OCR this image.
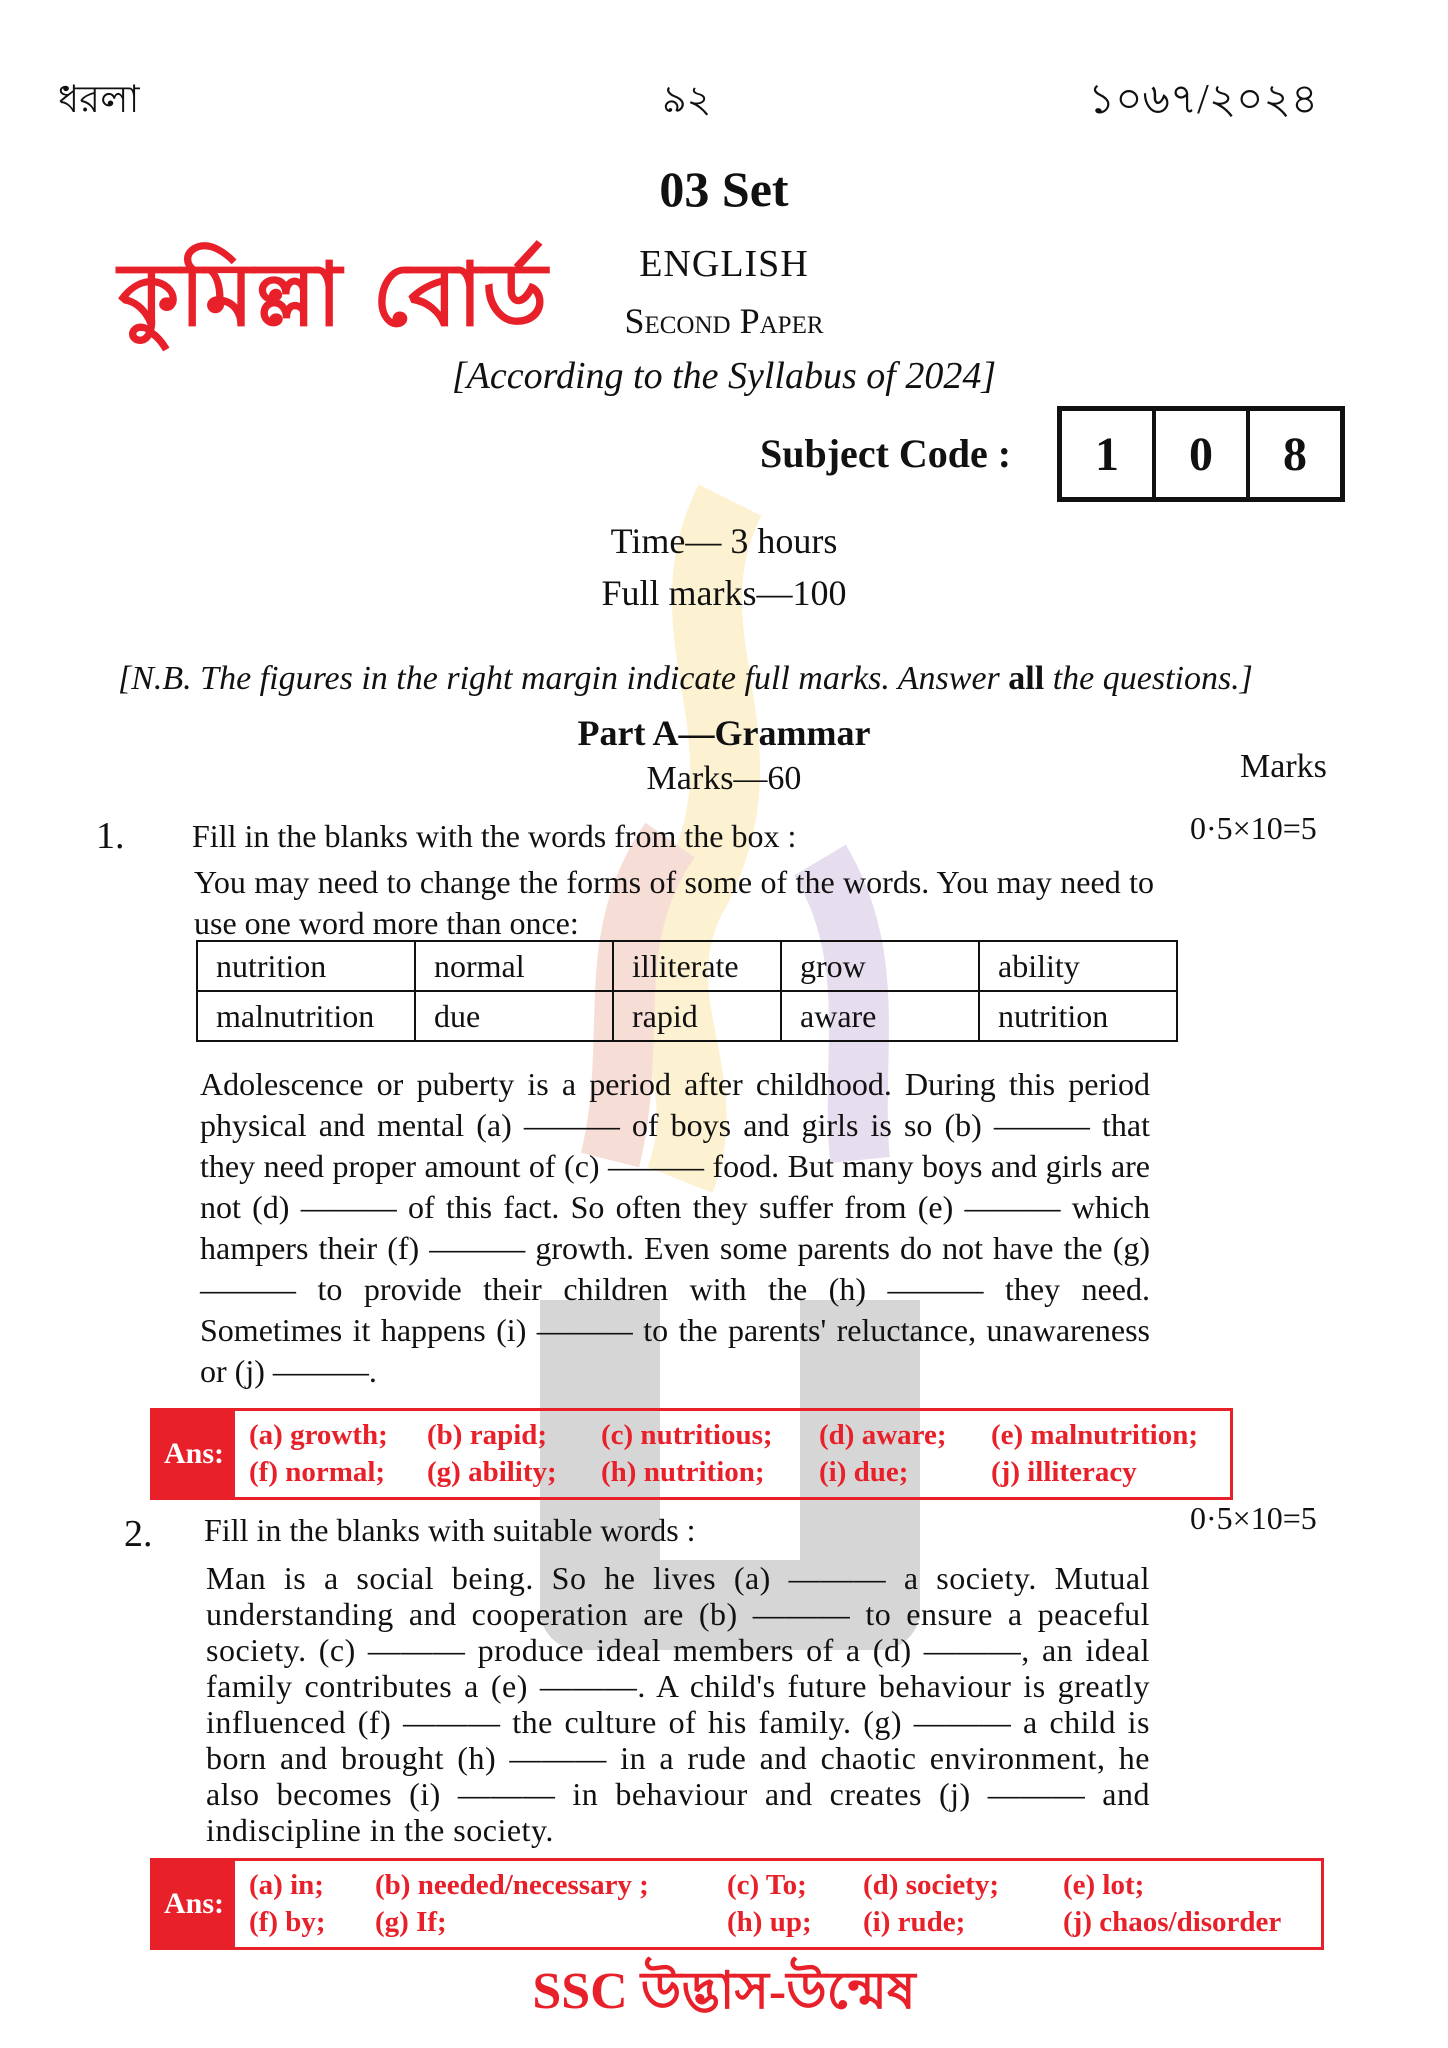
ধরলা	৯২	১০৬৭/২০২৪
কুমিল্লা বোর্ড
03 Set
ENGLISH
Second Paper
[According to the Syllabus of 2024]
Subject Code :	1	0	8
Time— 3 hours
Full marks—100
[N.B. The figures in the right margin indicate full marks. Answer all the questions.]
Part A—Grammar
Marks
Marks—60
1. Fill in the blanks with the words from the box :	0·5×10=5
You may need to change the forms of some of the words. You may need to use one word more than once:
nutrition	normal	illiterate	grow	ability
malnutrition	due	rapid	aware	nutrition
Adolescence or puberty is a period after childhood. During this period physical and mental (a) ——— of boys and girls is so (b) ——— that they need proper amount of (c) ——— food. But many boys and girls are not (d) ——— of this fact. So often they suffer from (e) ——— which hampers their (f) ——— growth. Even some parents do not have the (g) ——— to provide their children with the (h) ——— they need. Sometimes it happens (i) ——— to the parents' reluctance, unawareness or (j) ———.
Ans:
(a) growth;	(b) rapid;	(c) nutritious;	(d) aware;	(e) malnutrition;
(f) normal;	(g) ability;	(h) nutrition;	(i) due;	(j) illiteracy
2. Fill in the blanks with suitable words :	0·5×10=5
Man is a social being. So he lives (a) ——— a society. Mutual understanding and cooperation are (b) ——— to ensure a peaceful society. (c) ——— produce ideal members of a (d) ———, an ideal family contributes a (e) ———. A child's future behaviour is greatly influenced (f) ——— the culture of his family. (g) ——— a child is born and brought (h) ——— in a rude and chaotic environment, he also becomes (i) ——— in behaviour and creates (j) ——— and indiscipline in the society.
Ans:
(a) in;	(b) needed/necessary ;	(c) To;	(d) society;	(e) lot;
(f) by;	(g) If;	(h) up;	(i) rude;	(j) chaos/disorder
SSC উদ্ভাস-উন্মেষ
